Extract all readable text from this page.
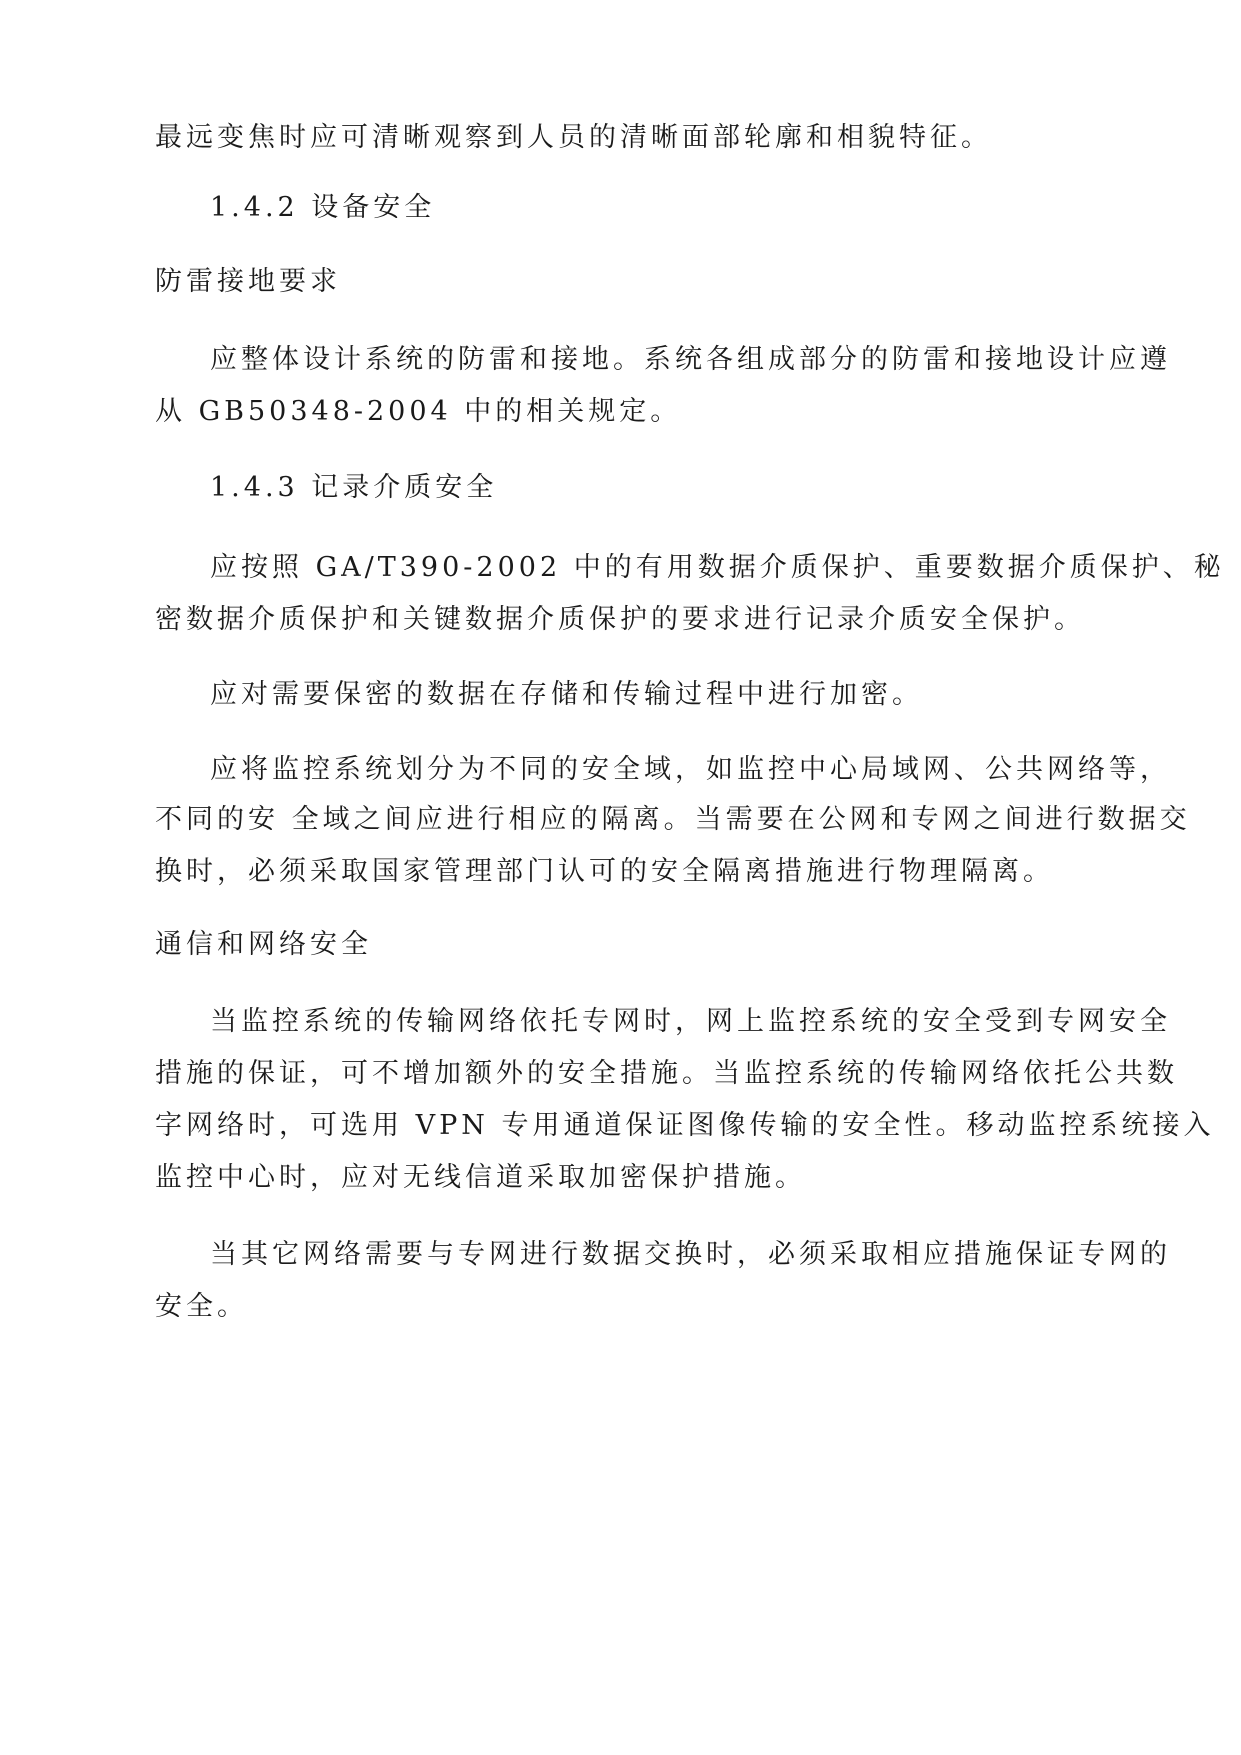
最远变焦时应可清晰观察到人员的清晰面部轮廓和相貌特征。
1.4.2 设备安全
防雷接地要求
应整体设计系统的防雷和接地。系统各组成部分的防雷和接地设计应遵
从 GB50348-2004 中的相关规定。
1.4.3 记录介质安全
应按照 GA/T390-2002 中的有用数据介质保护、重要数据介质保护、秘
密数据介质保护和关键数据介质保护的要求进行记录介质安全保护。
应对需要保密的数据在存储和传输过程中进行加密。
应将监控系统划分为不同的安全域，如监控中心局域网、公共网络等，
不同的安 全域之间应进行相应的隔离。当需要在公网和专网之间进行数据交
换时，必须采取国家管理部门认可的安全隔离措施进行物理隔离。
通信和网络安全
当监控系统的传输网络依托专网时，网上监控系统的安全受到专网安全
措施的保证，可不增加额外的安全措施。当监控系统的传输网络依托公共数
字网络时，可选用 VPN 专用通道保证图像传输的安全性。移动监控系统接入
监控中心时，应对无线信道采取加密保护措施。
当其它网络需要与专网进行数据交换时，必须采取相应措施保证专网的
安全。
